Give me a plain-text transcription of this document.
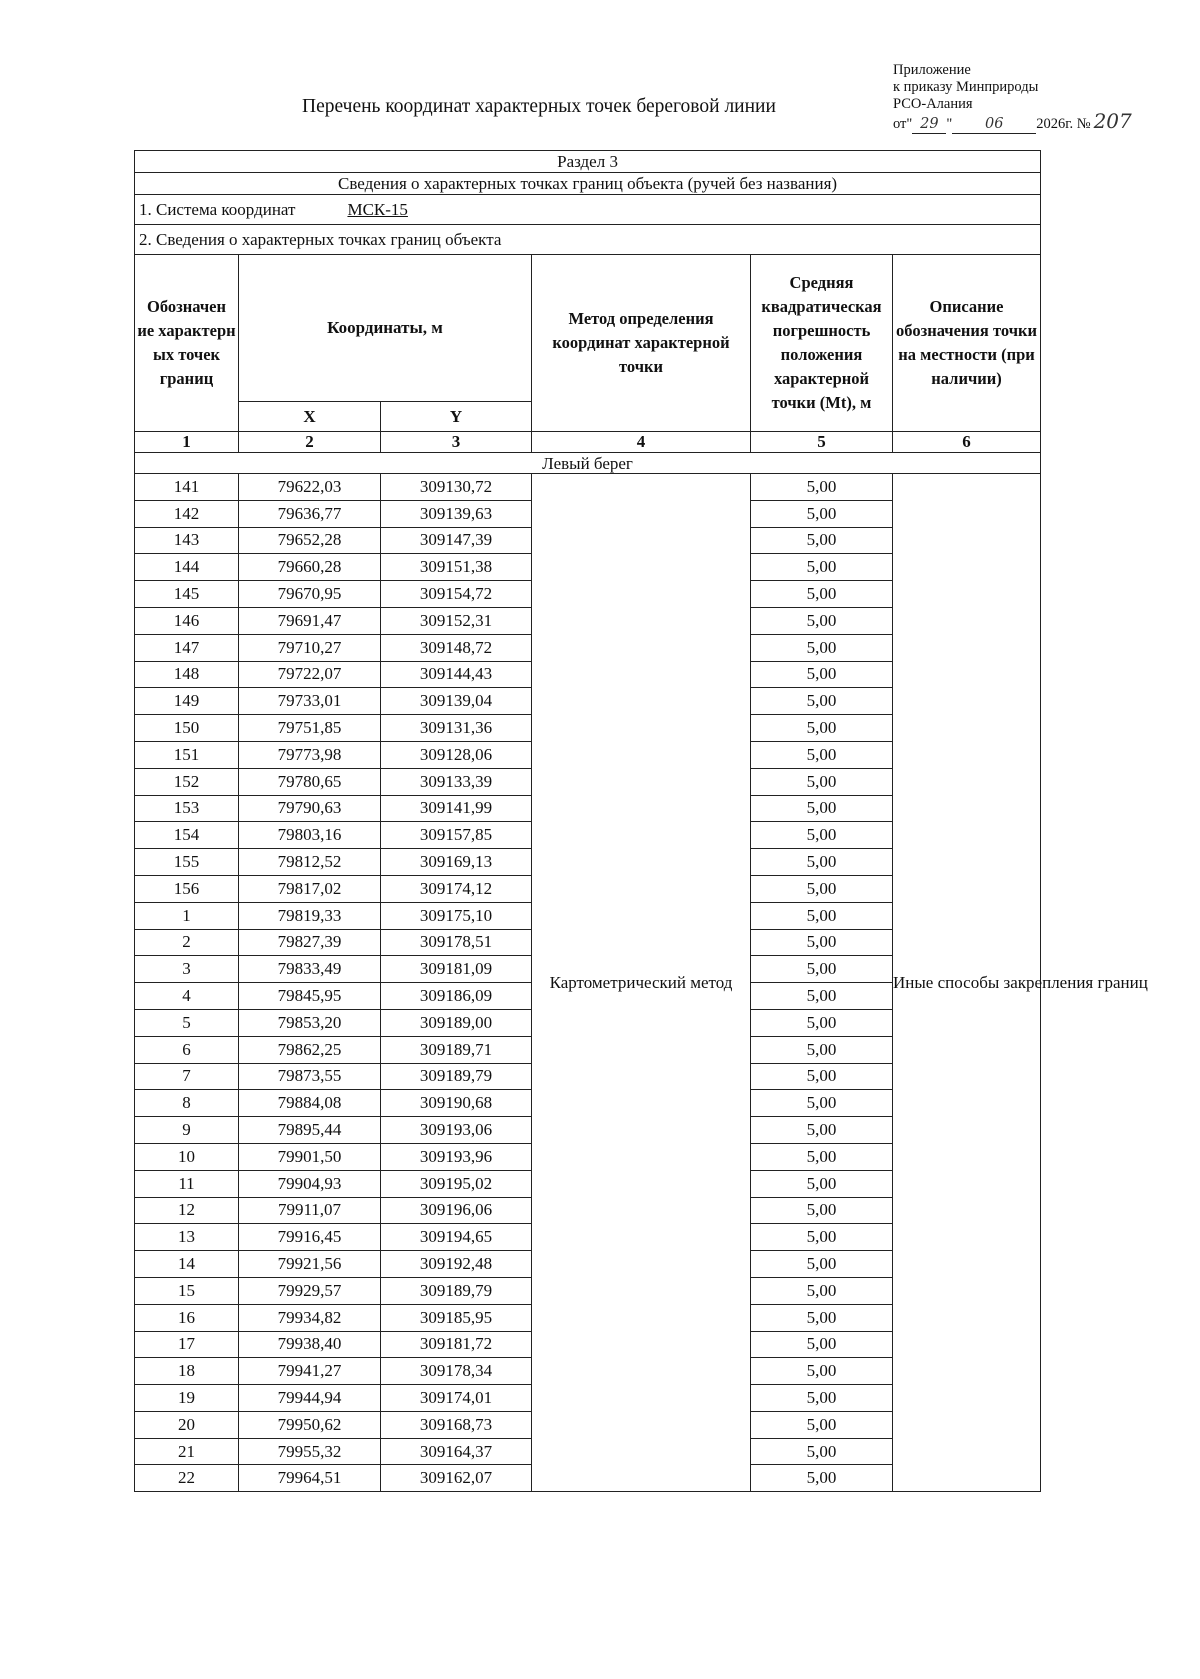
Приложение
к приказу Минприроды
РСО-Алания
от" 29 " 06 2026г. № 207
Перечень координат характерных точек береговой линии
Раздел 3					
Сведения о характерных точках границ объекта (ручей без названия)					
1. Система координат МСК-15					
2. Сведения о характерных точках границ объекта					
Обозначен ие характерн ых точек границ	Координаты, м		Метод определения координат характерной точки	Средняя квадратическая погрешность положения характерной точки (Mt), м	Описание обозначения точки на местности (при наличии)
	X	Y			
1	2	3	4	5	6
Левый берег					
141	79622,03	309130,72	Картометрический метод	5,00	Иные способы закрепления границ
142	79636,77	309139,63		5,00	
143	79652,28	309147,39		5,00	
144	79660,28	309151,38		5,00	
145	79670,95	309154,72		5,00	
146	79691,47	309152,31		5,00	
147	79710,27	309148,72		5,00	
148	79722,07	309144,43		5,00	
149	79733,01	309139,04		5,00	
150	79751,85	309131,36		5,00	
151	79773,98	309128,06		5,00	
152	79780,65	309133,39		5,00	
153	79790,63	309141,99		5,00	
154	79803,16	309157,85		5,00	
155	79812,52	309169,13		5,00	
156	79817,02	309174,12		5,00	
1	79819,33	309175,10		5,00	
2	79827,39	309178,51		5,00	
3	79833,49	309181,09		5,00	
4	79845,95	309186,09		5,00	
5	79853,20	309189,00		5,00	
6	79862,25	309189,71		5,00	
7	79873,55	309189,79		5,00	
8	79884,08	309190,68		5,00	
9	79895,44	309193,06		5,00	
10	79901,50	309193,96		5,00	
11	79904,93	309195,02		5,00	
12	79911,07	309196,06		5,00	
13	79916,45	309194,65		5,00	
14	79921,56	309192,48		5,00	
15	79929,57	309189,79		5,00	
16	79934,82	309185,95		5,00	
17	79938,40	309181,72		5,00	
18	79941,27	309178,34		5,00	
19	79944,94	309174,01		5,00	
20	79950,62	309168,73		5,00	
21	79955,32	309164,37		5,00	
22	79964,51	309162,07		5,00	
